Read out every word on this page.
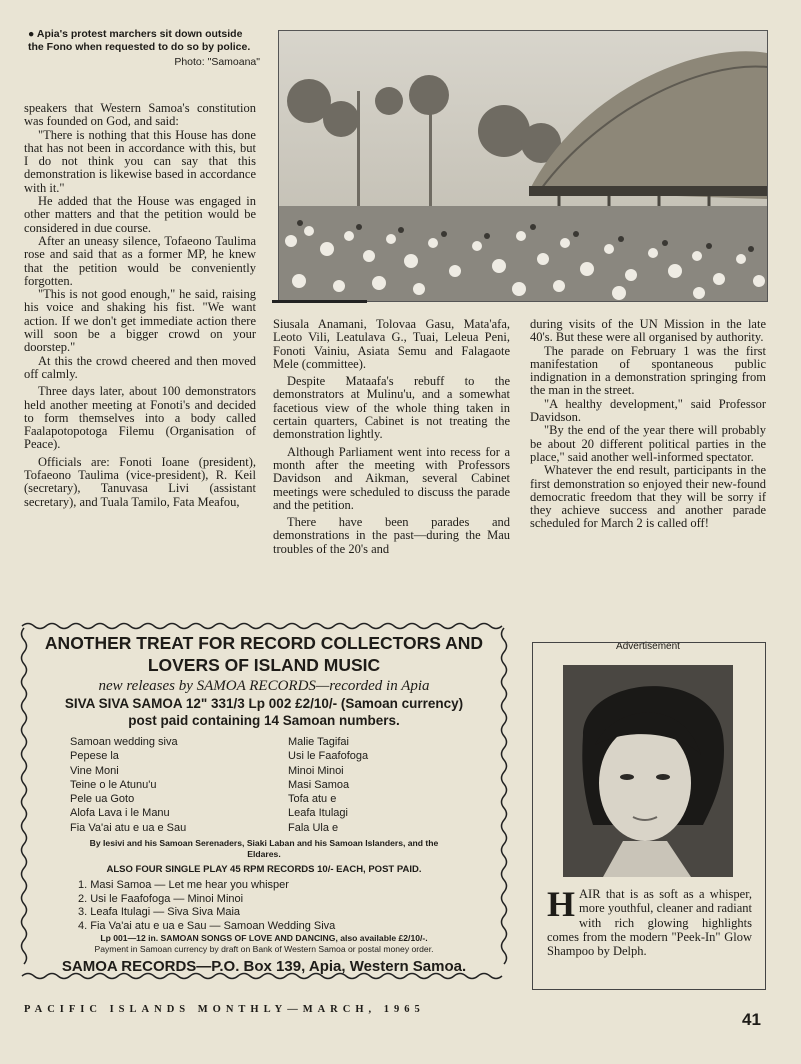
● Apia's protest marchers sit down outside the Fono when requested to do so by police.
Photo: "Samoana"

speakers that Western Samoa's constitution was founded on God, and said:

"There is nothing that this House has done that has not been in accordance with this, but I do not think you can say that this demonstration is likewise based in accordance with it."

He added that the House was engaged in other matters and that the petition would be considered in due course.

After an uneasy silence, Tofaeono Taulima rose and said that as a former MP, he knew that the petition would be conveniently forgotten.

"This is not good enough," he said, raising his voice and shaking his fist. "We want action. If we don't get immediate action there will soon be a bigger crowd on your doorstep."

At this the crowd cheered and then moved off calmly.

Three days later, about 100 demonstrators held another meeting at Fonoti's and decided to form themselves into a body called Faalapotopotoga Filemu (Organisation of Peace).

Officials are: Fonoti Ioane (president), Tofaeono Taulima (vice-president), R. Keil (secretary), Tanuvasa Livi (assistant secretary), and Tuala Tamilo, Fata Meafou,

Siusala Anamani, Tolovaa Gasu, Mata'afa, Leoto Vili, Leatulava G., Tuai, Leleua Peni, Fonoti Vainiu, Asiata Semu and Falagaote Mele (committee).

Despite Mataafa's rebuff to the demonstrators at Mulinu'u, and a somewhat facetious view of the whole thing taken in certain quarters, Cabinet is not treating the demonstration lightly.

Although Parliament went into recess for a month after the meeting with Professors Davidson and Aikman, several Cabinet meetings were scheduled to discuss the parade and the petition.

There have been parades and demonstrations in the past—during the Mau troubles of the 20's and

during visits of the UN Mission in the late 40's. But these were all organised by authority.

The parade on February 1 was the first manifestation of spontaneous public indignation in a demonstration springing from the man in the street.

"A healthy development," said Professor Davidson.

"By the end of the year there will probably be about 20 different political parties in the place," said another well-informed spectator.

Whatever the end result, participants in the first demonstration so enjoyed their new-found democratic freedom that they will be sorry if they achieve success and another parade scheduled for March 2 is called off!

ANOTHER TREAT FOR RECORD COLLECTORS AND
LOVERS OF ISLAND MUSIC
new releases by SAMOA RECORDS—recorded in Apia
SIVA SIVA SAMOA 12" 331/3 Lp 002 £2/10/- (Samoan currency)
post paid containing 14 Samoan numbers.
Samoan wedding siva
Pepese la
Vine Moni
Teine o le Atunu'u
Pele ua Goto
Alofa Lava i le Manu
Fia Va'ai atu e ua e Sau
Malie Tagifai
Usi le Faafofoga
Minoi Minoi
Masi Samoa
Tofa atu e
Leafa Itulagi
Fala Ula e
By Iesivi and his Samoan Serenaders, Siaki Laban and his Samoan Islanders, and the Eldares.
ALSO FOUR SINGLE PLAY 45 RPM RECORDS 10/- EACH, POST PAID.
1. Masi Samoa — Let me hear you whisper
2. Usi le Faafofoga — Minoi Minoi
3. Leafa Itulagi — Siva Siva Maia
4. Fia Va'ai atu e ua e Sau — Samoan Wedding Siva
Lp 001—12 in. SAMOAN SONGS OF LOVE AND DANCING, also available £2/10/-.
Payment in Samoan currency by draft on Bank of Western Samoa or postal money order.
SAMOA RECORDS—P.O. Box 139, Apia, Western Samoa.
Advertisement
HAIR that is as soft as a whisper, more youthful, cleaner and radiant with rich glowing highlights comes from the modern "Peek-In" Glow Shampoo by Delph.
PACIFIC ISLANDS MONTHLY—MARCH, 1965
41
